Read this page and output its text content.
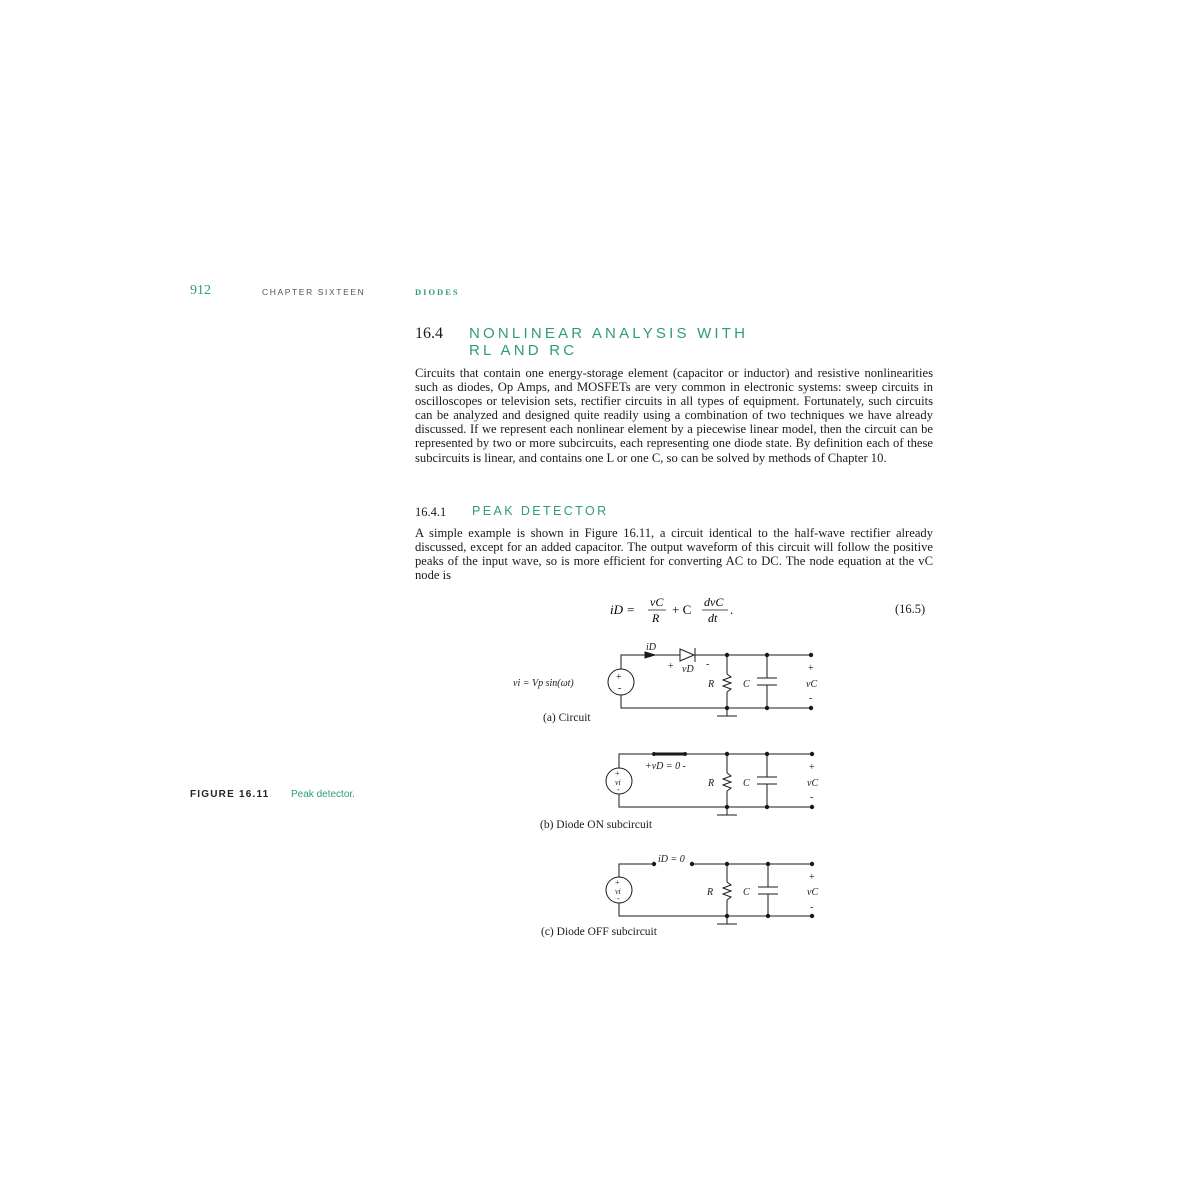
912	CHAPTER SIXTEEN	DIODES
16.4 NONLINEAR ANALYSIS WITH
RL AND RC
Circuits that contain one energy-storage element (capacitor or inductor) and resistive nonlinearities such as diodes, Op Amps, and MOSFETs are very common in electronic systems: sweep circuits in oscilloscopes or television sets, rectifier circuits in all types of equipment. Fortunately, such circuits can be analyzed and designed quite readily using a combination of two techniques we have already discussed. If we represent each nonlinear element by a piecewise linear model, then the circuit can be represented by two or more subcircuits, each representing one diode state. By definition each of these subcircuits is linear, and contains one L or one C, so can be solved by methods of Chapter 10.
16.4.1 PEAK DETECTOR
A simple example is shown in Figure 16.11, a circuit identical to the half-wave rectifier already discussed, except for an added capacitor. The output waveform of this circuit will follow the positive peaks of the input wave, so is more efficient for converting AC to DC. The node equation at the vC node is
iD = vC
R
+ C dvC
dt
.	(16.5)
FIGURE 16.11 Peak detector.
+
-
vi = Vp sin(ωt)
iD
+ vD -
R	C
+
vC
-
(a) Circuit
+
vi
-
+vD = 0 -
R	C
+
vC
-
(b) Diode ON subcircuit
+
vi
-
iD = 0
R	C
+
vC
-
(c) Diode OFF subcircuit
